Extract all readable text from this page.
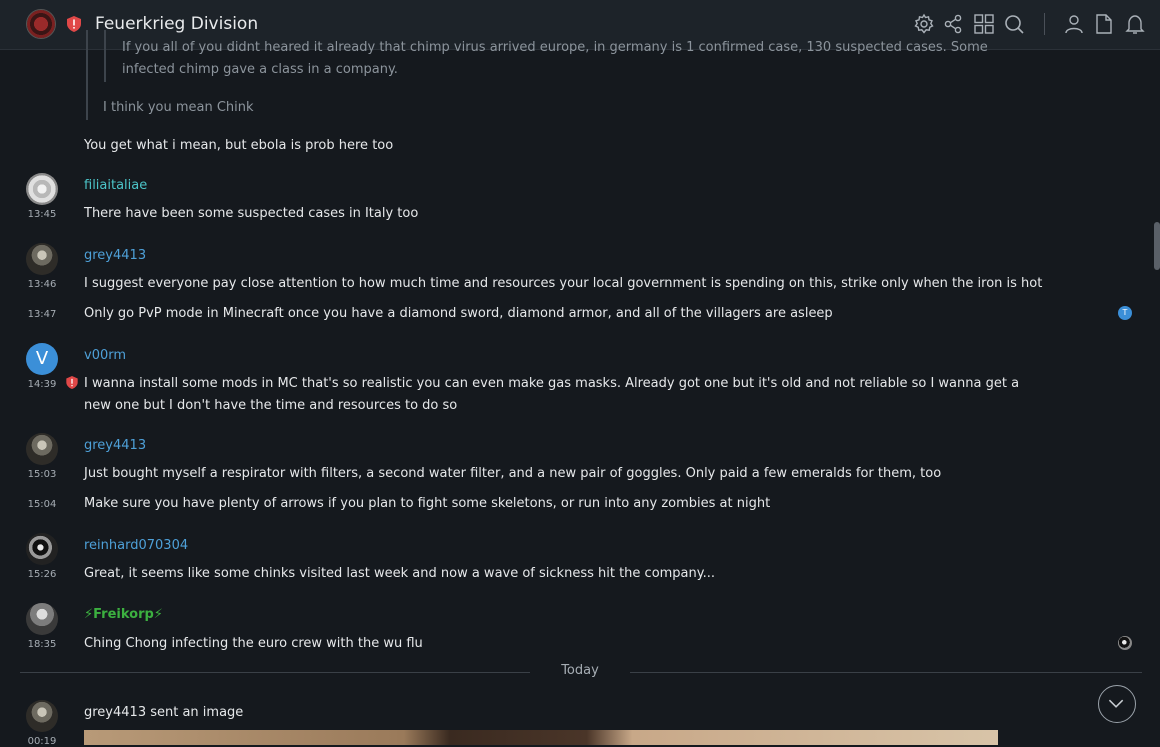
Feuerkrieg Division
If you all of you didnt heared it already that chimp virus arrived europe, in germany is 1 confirmed case, 130 suspected cases. Some
infected chimp gave a class in a company.
I think you mean Chink
You get what i mean, but ebola is prob here too
filiaitaliae
13:45	There have been some suspected cases in Italy too
grey4413
13:46	I suggest everyone pay close attention to how much time and resources your local government is spending on this, strike only when the iron is hot
13:47	Only go PvP mode in Minecraft once you have a diamond sword, diamond armor, and all of the villagers are asleep	T
V	v00rm
14:39	I wanna install some mods in MC that's so realistic you can even make gas masks. Already got one but it's old and not reliable so I wanna get a
new one but I don't have the time and resources to do so
grey4413
15:03	Just bought myself a respirator with filters, a second water filter, and a new pair of goggles. Only paid a few emeralds for them, too
15:04	Make sure you have plenty of arrows if you plan to fight some skeletons, or run into any zombies at night
reinhard070304
15:26	Great, it seems like some chinks visited last week and now a wave of sickness hit the company...
⚡Freikorp⚡
18:35	Ching Chong infecting the euro crew with the wu flu
Today
grey4413 sent an image
00:19
